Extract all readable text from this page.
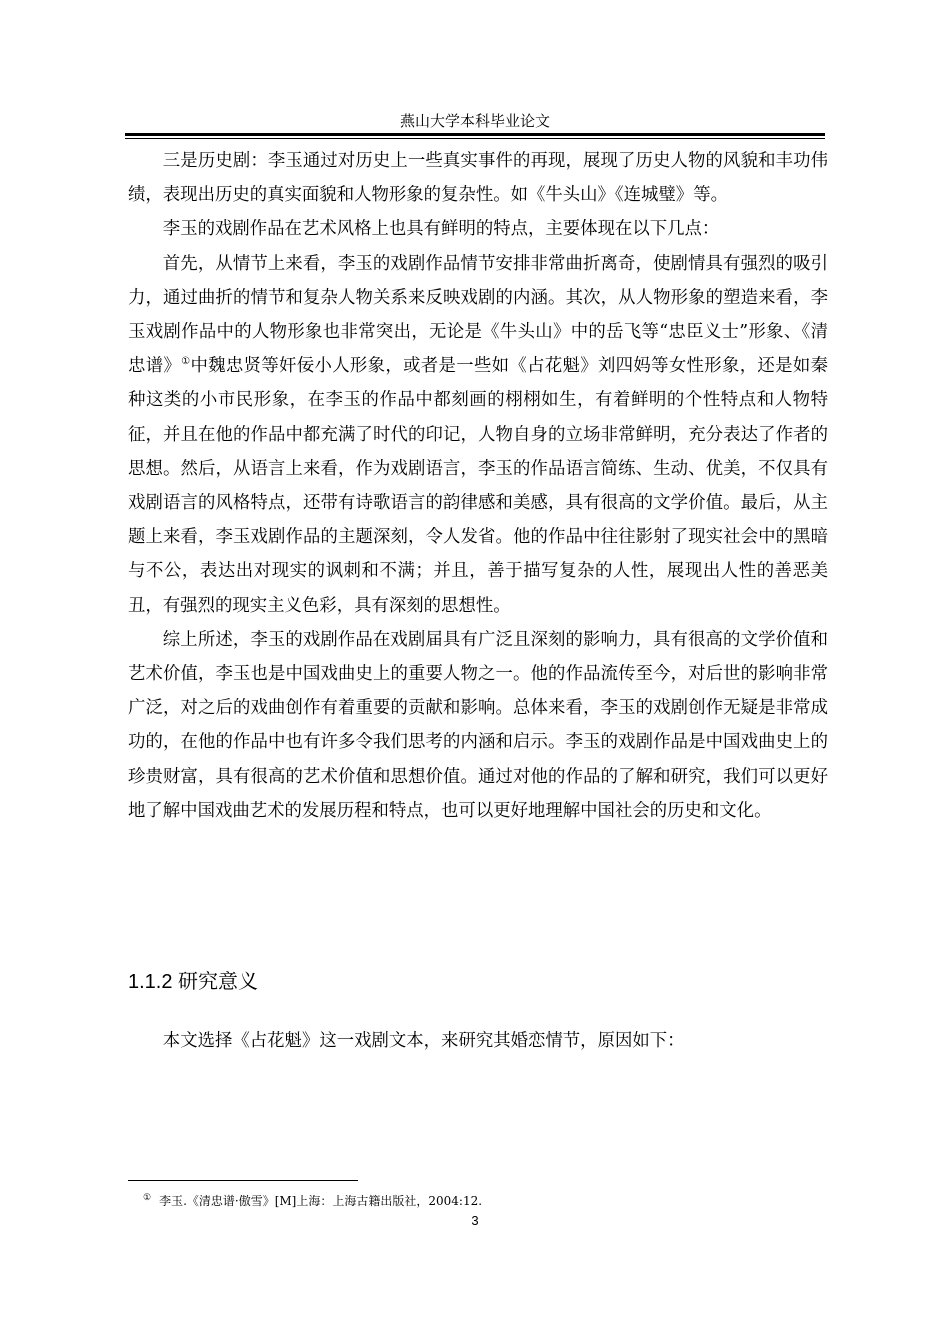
燕山大学本科毕业论文

三是历史剧：李玉通过对历史上一些真实事件的再现，展现了历史人物的风貌和丰功伟绩，表现出历史的真实面貌和人物形象的复杂性。如《牛头山》《连城璧》等。

李玉的戏剧作品在艺术风格上也具有鲜明的特点，主要体现在以下几点：

首先，从情节上来看，李玉的戏剧作品情节安排非常曲折离奇，使剧情具有强烈的吸引力，通过曲折的情节和复杂人物关系来反映戏剧的内涵。其次，从人物形象的塑造来看，李玉戏剧作品中的人物形象也非常突出，无论是《牛头山》中的岳飞等“忠臣义士”形象、《清忠谱》①中魏忠贤等奸佞小人形象，或者是一些如《占花魁》刘四妈等女性形象，还是如秦种这类的小市民形象，在李玉的作品中都刻画的栩栩如生，有着鲜明的个性特点和人物特征，并且在他的作品中都充满了时代的印记，人物自身的立场非常鲜明，充分表达了作者的思想。然后，从语言上来看，作为戏剧语言，李玉的作品语言简练、生动、优美，不仅具有戏剧语言的风格特点，还带有诗歌语言的韵律感和美感，具有很高的文学价值。最后，从主题上来看，李玉戏剧作品的主题深刻，令人发省。他的作品中往往影射了现实社会中的黑暗与不公，表达出对现实的讽刺和不满；并且，善于描写复杂的人性，展现出人性的善恶美丑，有强烈的现实主义色彩，具有深刻的思想性。

综上所述，李玉的戏剧作品在戏剧届具有广泛且深刻的影响力，具有很高的文学价值和艺术价值，李玉也是中国戏曲史上的重要人物之一。他的作品流传至今，对后世的影响非常广泛，对之后的戏曲创作有着重要的贡献和影响。总体来看，李玉的戏剧创作无疑是非常成功的，在他的作品中也有许多令我们思考的内涵和启示。李玉的戏剧作品是中国戏曲史上的珍贵财富，具有很高的艺术价值和思想价值。通过对他的作品的了解和研究，我们可以更好地了解中国戏曲艺术的发展历程和特点，也可以更好地理解中国社会的历史和文化。

1.1.2 研究意义

本文选择《占花魁》这一戏剧文本，来研究其婚恋情节，原因如下：

① 李玉.《清忠谱·傲雪》[M]上海：上海古籍出版社，2004:12.
3
